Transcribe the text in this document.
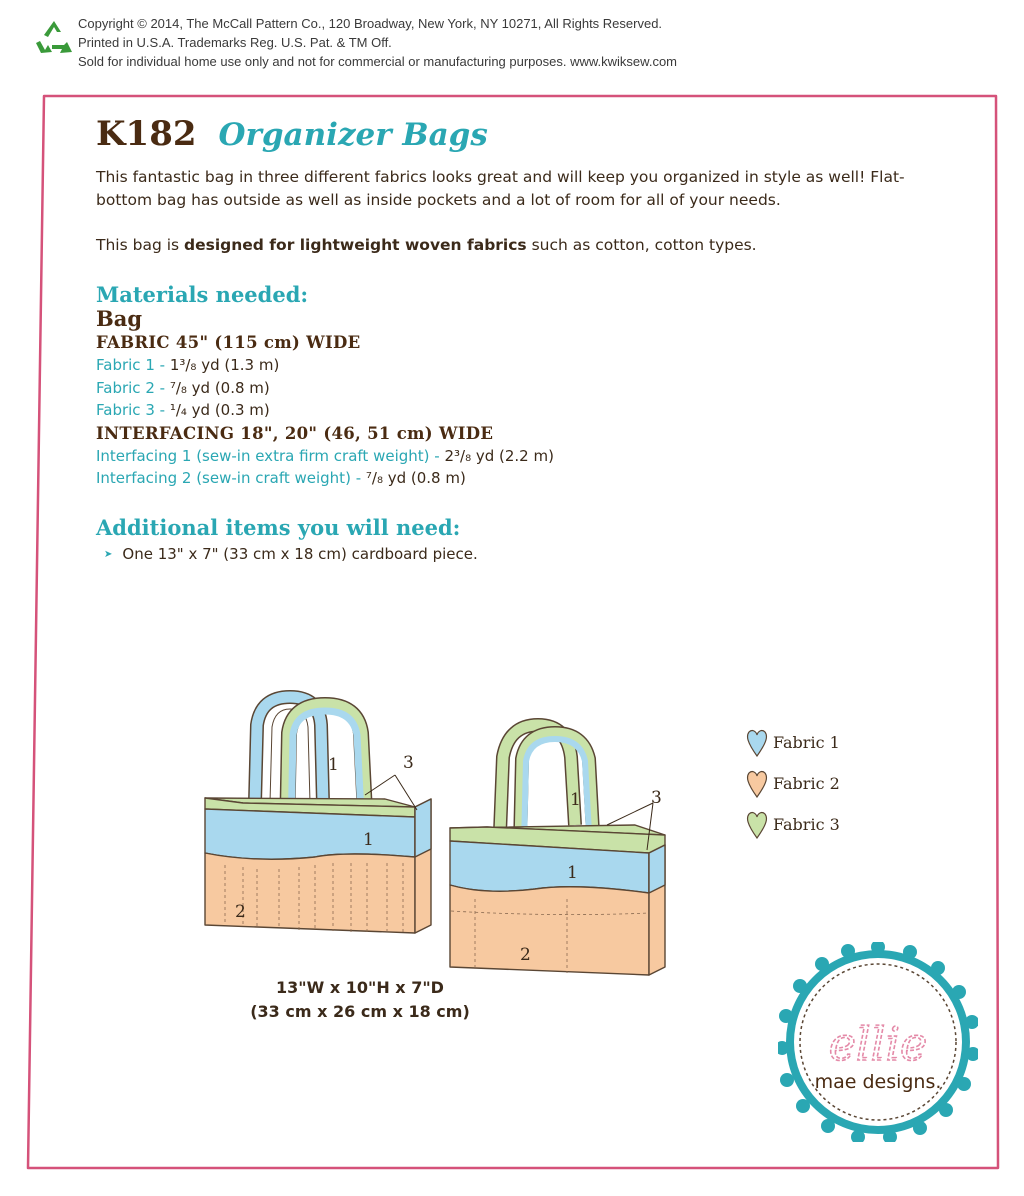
Copyright © 2014, The McCall Pattern Co., 120 Broadway, New York, NY 10271, All Rights Reserved.
Printed in U.S.A. Trademarks Reg. U.S. Pat. & TM Off.
Sold for individual home use only and not for commercial or manufacturing purposes. www.kwiksew.com
K182 Organizer Bags

This fantastic bag in three different fabrics looks great and will keep you organized in style as well! Flat-bottom bag has outside as well as inside pockets and a lot of room for all of your needs.

This bag is designed for lightweight woven fabrics such as cotton, cotton types.

Materials needed:
Bag
FABRIC 45" (115 cm) WIDE
Fabric 1 - 1³/₈ yd (1.3 m)
Fabric 2 - ⁷/₈ yd (0.8 m)
Fabric 3 - ¹/₄ yd (0.3 m)
INTERFACING 18", 20" (46, 51 cm) WIDE
Interfacing 1 (sew-in extra firm craft weight) - 2³/₈ yd (2.2 m)
Interfacing 2 (sew-in craft weight) - ⁷/₈ yd (0.8 m)
Additional items you will need:
➤ One 13" x 7" (33 cm x 18 cm) cardboard piece.
1	3
1
2
1	3
1
2
13"W x 10"H x 7"D
(33 cm x 26 cm x 18 cm)
Fabric 1
Fabric 2
Fabric 3
ellie
mae designs.
